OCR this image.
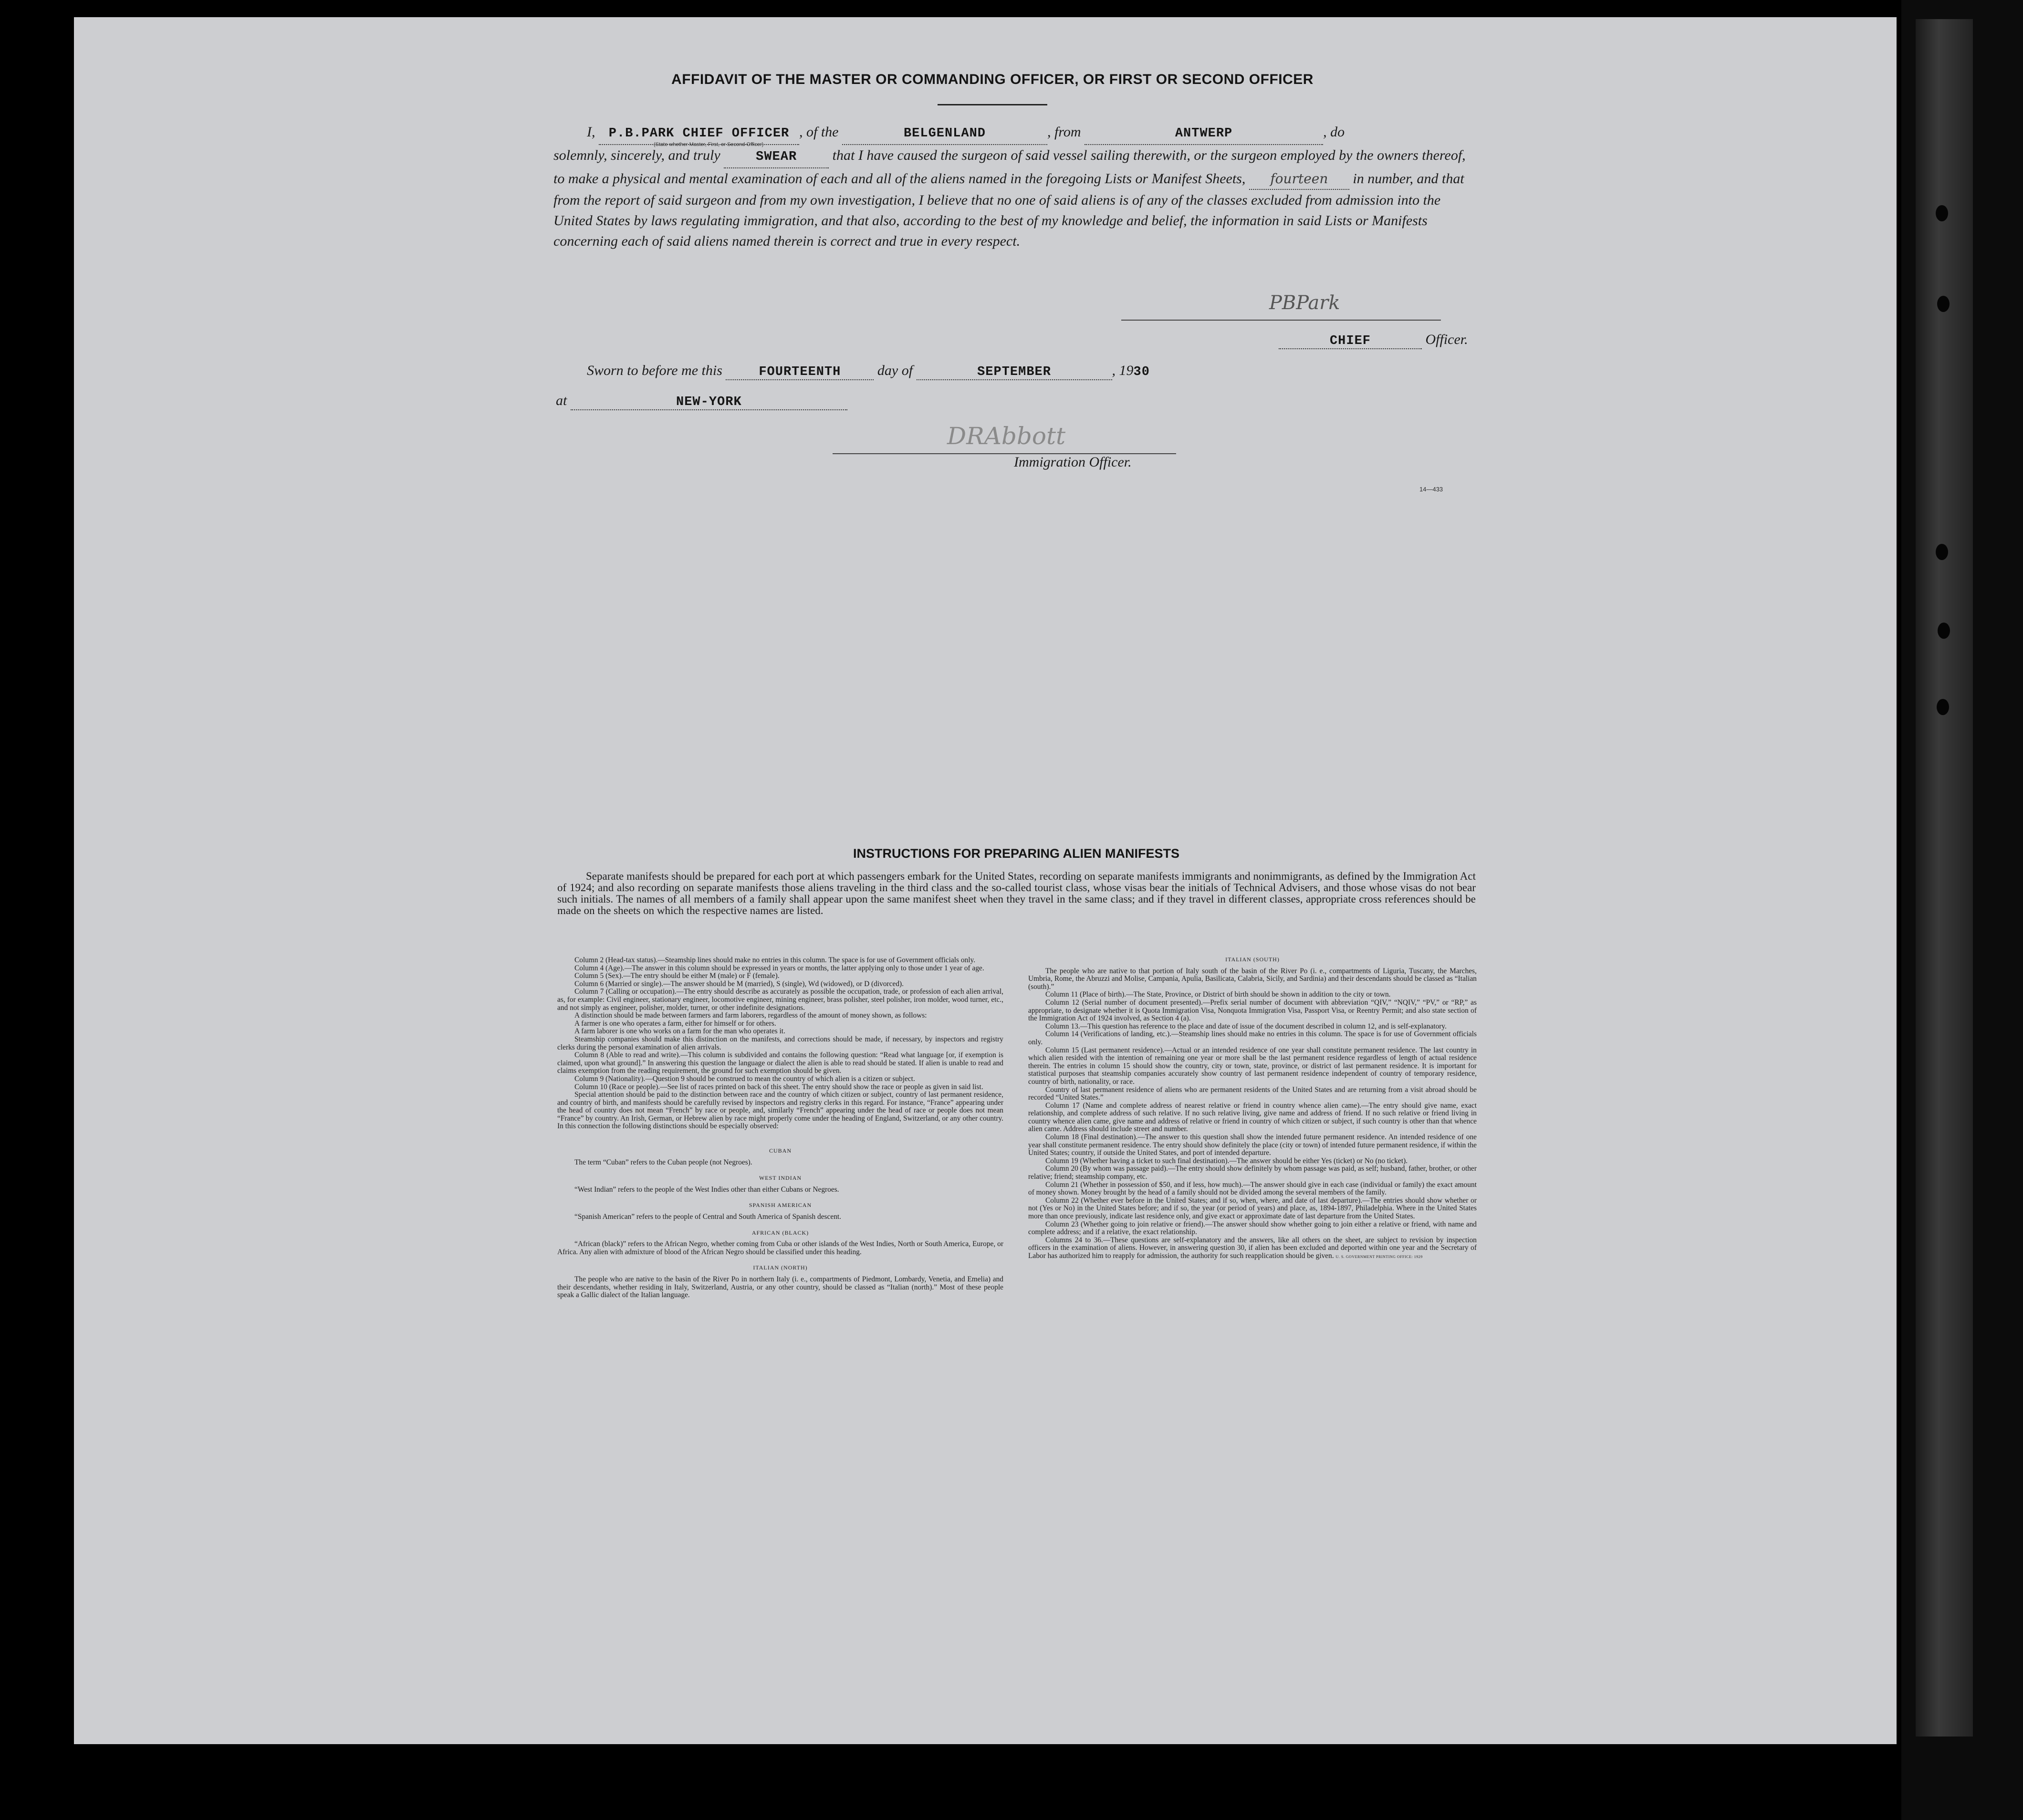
AFFIDAVIT OF THE MASTER OR COMMANDING OFFICER, OR FIRST OR SECOND OFFICER
I, P.B.PARK CHIEF OFFICER , of the	BELGENLAND	, from	ANTWERP	, do
solemnly, sincerely, and truly	SWEAR that I have caused the surgeon of said vessel sailing therewith, or the surgeon employed by the owners thereof, to make a physical and mental examination of each and all of the aliens named in the foregoing Lists or Manifest Sheets, fourteen in number, and that from the report of said surgeon and from my own investigation, I believe that no one of said aliens is of any of the classes excluded from admission into the United States by laws regulating immigration, and that also, according to the best of my knowledge and belief, the information in said Lists or Manifests concerning each of said aliens named therein is correct and true in every respect.
(State whether Master, First, or Second Officer)
PBPark
CHIEF	Officer.
Sworn to before me this	FOURTEENTH	day of	SEPTEMBER	, 1930
at	NEW-YORK
DRAbbott
Immigration Officer.
14—433
INSTRUCTIONS FOR PREPARING ALIEN MANIFESTS

Separate manifests should be prepared for each port at which passengers embark for the United States, recording on separate manifests immigrants and nonimmigrants, as defined by the Immigration Act of 1924; and also recording on separate manifests those aliens traveling in the third class and the so-called tourist class, whose visas bear the initials of Technical Advisers, and those whose visas do not bear such initials. The names of all members of a family shall appear upon the same manifest sheet when they travel in the same class; and if they travel in different classes, appropriate cross references should be made on the sheets on which the respective names are listed.

Column 2 (Head-tax status).—Steamship lines should make no entries in this column. The space is for use of Government officials only.

Column 4 (Age).—The answer in this column should be expressed in years or months, the latter applying only to those under 1 year of age.

Column 5 (Sex).—The entry should be either M (male) or F (female).

Column 6 (Married or single).—The answer should be M (married), S (single), Wd (widowed), or D (divorced).

Column 7 (Calling or occupation).—The entry should describe as accurately as possible the occupation, trade, or profession of each alien arrival, as, for example: Civil engineer, stationary engineer, locomotive engineer, mining engineer, brass polisher, steel polisher, iron molder, wood turner, etc., and not simply as engineer, polisher, molder, turner, or other indefinite designations.

A distinction should be made between farmers and farm laborers, regardless of the amount of money shown, as follows:

A farmer is one who operates a farm, either for himself or for others.

A farm laborer is one who works on a farm for the man who operates it.

Steamship companies should make this distinction on the manifests, and corrections should be made, if necessary, by inspectors and registry clerks during the personal examination of alien arrivals.

Column 8 (Able to read and write).—This column is subdivided and contains the following question: “Read what language [or, if exemption is claimed, upon what ground].” In answering this question the language or dialect the alien is able to read should be stated. If alien is unable to read and claims exemption from the reading requirement, the ground for such exemption should be given.

Column 9 (Nationality).—Question 9 should be construed to mean the country of which alien is a citizen or subject.

Column 10 (Race or people).—See list of races printed on back of this sheet. The entry should show the race or people as given in said list.

Special attention should be paid to the distinction between race and the country of which citizen or subject, country of last permanent residence, and country of birth, and manifests should be carefully revised by inspectors and registry clerks in this regard. For instance, “France” appearing under the head of country does not mean “French” by race or people, and, similarly “French” appearing under the head of race or people does not mean “France” by country. An Irish, German, or Hebrew alien by race might properly come under the heading of England, Switzerland, or any other country. In this connection the following distinctions should be especially observed:

CUBAN

The term “Cuban” refers to the Cuban people (not Negroes).

WEST INDIAN

“West Indian” refers to the people of the West Indies other than either Cubans or Negroes.

SPANISH AMERICAN

“Spanish American” refers to the people of Central and South America of Spanish descent.

AFRICAN (BLACK)

“African (black)” refers to the African Negro, whether coming from Cuba or other islands of the West Indies, North or South America, Europe, or Africa. Any alien with admixture of blood of the African Negro should be classified under this heading.

ITALIAN (NORTH)

The people who are native to the basin of the River Po in northern Italy (i. e., compartments of Piedmont, Lombardy, Venetia, and Emelia) and their descendants, whether residing in Italy, Switzerland, Austria, or any other country, should be classed as “Italian (north).” Most of these people speak a Gallic dialect of the Italian language.

ITALIAN (SOUTH)

The people who are native to that portion of Italy south of the basin of the River Po (i. e., compartments of Liguria, Tuscany, the Marches, Umbria, Rome, the Abruzzi and Molise, Campania, Apulia, Basilicata, Calabria, Sicily, and Sardinia) and their descendants should be classed as “Italian (south).”

Column 11 (Place of birth).—The State, Province, or District of birth should be shown in addition to the city or town.

Column 12 (Serial number of document presented).—Prefix serial number of document with abbreviation “QIV,” “NQIV,” “PV,” or “RP,” as appropriate, to designate whether it is Quota Immigration Visa, Nonquota Immigration Visa, Passport Visa, or Reentry Permit; and also state section of the Immigration Act of 1924 involved, as Section 4 (a).

Column 13.—This question has reference to the place and date of issue of the document described in column 12, and is self-explanatory.

Column 14 (Verifications of landing, etc.).—Steamship lines should make no entries in this column. The space is for use of Government officials only.

Column 15 (Last permanent residence).—Actual or an intended residence of one year shall constitute permanent residence. The last country in which alien resided with the intention of remaining one year or more shall be the last permanent residence regardless of length of actual residence therein. The entries in column 15 should show the country, city or town, state, province, or district of last permanent residence. It is important for statistical purposes that steamship companies accurately show country of last permanent residence independent of country of temporary residence, country of birth, nationality, or race.

Country of last permanent residence of aliens who are permanent residents of the United States and are returning from a visit abroad should be recorded “United States.”

Column 17 (Name and complete address of nearest relative or friend in country whence alien came).—The entry should give name, exact relationship, and complete address of such relative. If no such relative living, give name and address of friend. If no such relative or friend living in country whence alien came, give name and address of relative or friend in country of which citizen or subject, if such country is other than that whence alien came. Address should include street and number.

Column 18 (Final destination).—The answer to this question shall show the intended future permanent residence. An intended residence of one year shall constitute permanent residence. The entry should show definitely the place (city or town) of intended future permanent residence, if within the United States; country, if outside the United States, and port of intended departure.

Column 19 (Whether having a ticket to such final destination).—The answer should be either Yes (ticket) or No (no ticket).

Column 20 (By whom was passage paid).—The entry should show definitely by whom passage was paid, as self; husband, father, brother, or other relative; friend; steamship company, etc.

Column 21 (Whether in possession of $50, and if less, how much).—The answer should give in each case (individual or family) the exact amount of money shown. Money brought by the head of a family should not be divided among the several members of the family.

Column 22 (Whether ever before in the United States; and if so, when, where, and date of last departure).—The entries should show whether or not (Yes or No) in the United States before; and if so, the year (or period of years) and place, as, 1894-1897, Philadelphia. Where in the United States more than once previously, indicate last residence only, and give exact or approximate date of last departure from the United States.

Column 23 (Whether going to join relative or friend).—The answer should show whether going to join either a relative or friend, with name and complete address; and if a relative, the exact relationship.

Columns 24 to 36.—These questions are self-explanatory and the answers, like all others on the sheet, are subject to revision by inspection officers in the examination of aliens. However, in answering question 30, if alien has been excluded and deported within one year and the Secretary of Labor has authorized him to reapply for admission, the authority for such reapplication should be given. U. S. GOVERNMENT PRINTING OFFICE: 1929
